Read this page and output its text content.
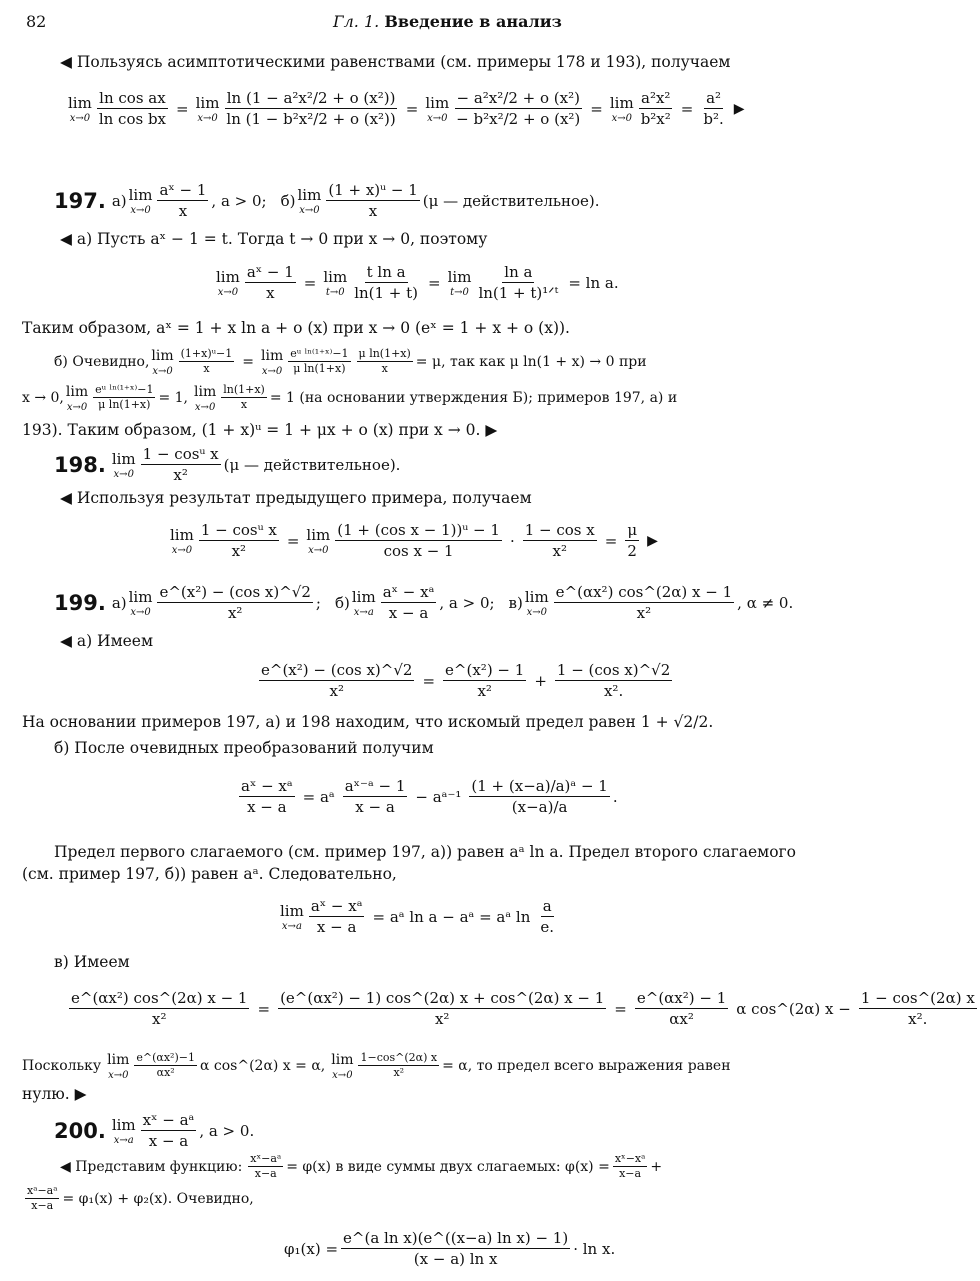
82	Гл. 1. Введение в анализ
◀ Пользуясь асимптотическими равенствами (см. примеры 178 и 193), получаем
lim
$x\to 0 \frac{\text{ln cos ax}}{\text{ln cos bx}} = \lim$
$x\to 0 \frac{\text{ln (1 − a²x²/2 + o (x²))}}{\text{ln (1 − b²x²/2 + o (x²))}} = \lim$
$x\to 0 \frac{\text{− a²x²/2 + o (x²)}}{\text{− b²x²/2 + o (x²)}} = \lim$
$x\to 0 \frac{\text{a²x²}}{\text{b²x²}} = \frac{\text{a²}}{\text{b².}}$ ▶
197. а) lim
x→0
aˣ − 1
x
, a > 0; б) lim
x→0
(1 + x)ᵘ − 1
x
(μ — действительное).
◀ а) Пусть aˣ − 1 = t. Тогда t → 0 при x → 0, поэтому
lim
$x\to 0 \frac{\text{aˣ − 1}}{x} = \lim$
$t\to 0 \frac{\text{t ln a}}{\ln(1 + t)} = \lim$
t→0
ln a
ln(1 + t)¹ᐟᵗ
= ln a.
Таким образом, aˣ = 1 + x ln a + o (x) при x → 0 (eˣ = 1 + x + o (x)).
б) Очевидно, lim
$x\to 0 \frac{\text{(1+x)ᵘ−1}}{x} = \lim$
x→0
eᵘ ˡⁿ⁽¹⁺ˣ⁾−1
μ $\ln(1+x) \frac{\text{μ ln(1+x)}}{x} = \mu$, так как μ ln(1 + x) → 0 при
x → 0, lim
$x\to 0 \frac{\text{eᵘ ˡⁿ⁽¹⁺ˣ⁾−1}}{\text{μ ln(1+x)}} = 1$, lim
$x\to 0 \frac{\ln(1+x)}{x} = 1$ (на основании утверждения Б); примеров 197, а) и
193). Таким образом, (1 + x)ᵘ = 1 + μx + o (x) при x → 0. ▶
198. lim
x→0
1 − cosᵘ x
x²
(μ — действительное).
◀ Используя результат предыдущего примера, получаем
lim
$x\to 0 \frac{\text{1 − cosᵘ x}}{\text{x²}} = \lim$
x→0
(1 + (cos x − 1))ᵘ − 1
cos x − 1
· $\frac{\text{1 − cos x}}{\text{x²}} = \frac{\mu}{2}$ ▶
199. а) lim
x→0
e^(x²) − (cos x)^√2
x²
; б) lim
x→a
aˣ − xᵃ
x − a
, a > 0; в) lim
x→0
e^(αx²) cos^(2α) x − 1
x²
, α ≠ 0.
◀ а) Имеем
$\frac{\text{e\textasciicircum{}(x²) − (cos x)\textasciicircum{}√2}}{\text{x²}} = \frac{\text{e\textasciicircum{}(x²) − 1}}{\text{x²}} + \frac{\text{1 − (cos x)\textasciicircum{}√2}}{\text{x².}}$
На основании примеров 197, а) и 198 находим, что искомый предел равен 1 + √2/2.
б) После очевидных преобразований получим
$\frac{\text{aˣ − xᵃ}}{x - a}$ = aᵃ
aˣ⁻ᵃ − 1
x − a
− aᵃ⁻¹
(1 + (x−a)/a)ᵃ − 1
(x−a)/a
.
Предел первого слагаемого (см. пример 197, а)) равен aᵃ ln a. Предел второго слагаемого
(см. пример 197, б)) равен aᵃ. Следовательно,
lim
$x\to a \frac{\text{aˣ − xᵃ}}{x - a}$ = aᵃ ln a − aᵃ = aᵃ ln
a
e.
в) Имеем
$\frac{\text{e\textasciicircum{}(αx²) cos\textasciicircum{}(2α) x − 1}}{\text{x²}} = \frac{\text{(e\textasciicircum{}(αx²) − 1) cos\textasciicircum{}(2α) x + cos\textasciicircum{}(2α) x − 1}}{\text{x²}} = \frac{\text{e\textasciicircum{}(αx²) − 1}}{\text{αx²}}$ α cos^(2α) $x - \frac{1 - \cos\^{}(2\alpha) x}{\text{x².}}$
Поскольку lim
x→0
e^(αx²)−1
αx² α cos^(2α) x = α, lim
$x\to 0 \frac{1-\cos\^{}(2\alpha) x}{\text{x²}} = \alpha$, то предел всего выражения равен
нулю. ▶
200. lim
x→a
xˣ − aᵃ
x − a
, a > 0.
◀ Представим функцию: $\frac{\text{xˣ−aᵃ}}{x-a} = \varphi(x)$ в виде суммы двух слагаемых: $\varphi(x) = \frac{\text{xˣ−xᵃ}}{x-a}$ +
$\frac{\text{xᵃ−aᵃ}}{x-a} = \varphi_1(x) + \varphi_2(x)$. Очевидно,
$\varphi_1(x) = \frac{\text{e\textasciicircum{}(a ln x)(e\textasciicircum{}((x−a) ln x) − 1)}}{\text{(x − a) ln x}} \cdot \ln x$.
